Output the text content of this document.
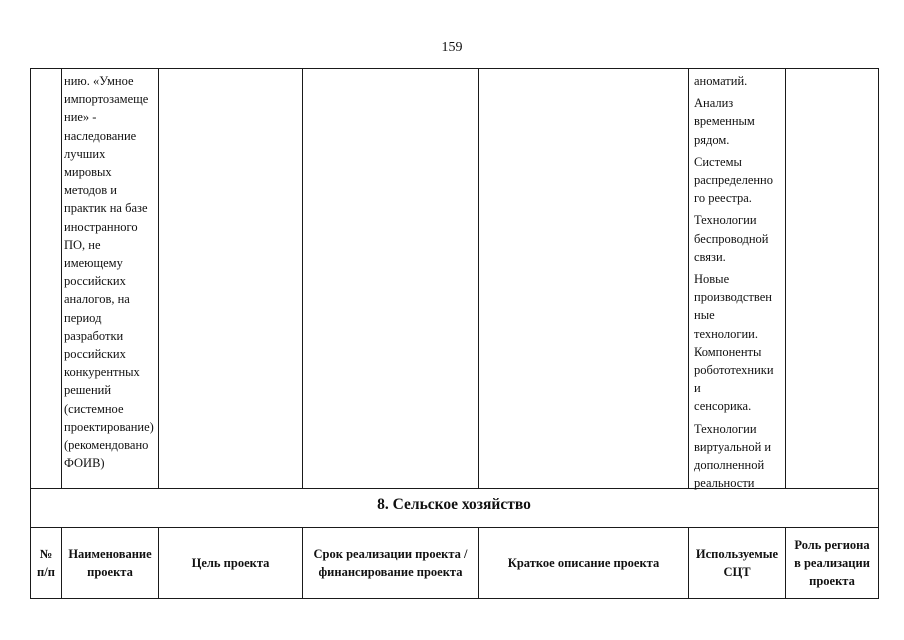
159
нию. «Умное
импортозамеще
ние» -
наследование
лучших
мировых
методов и
практик на базе
иностранного
ПО, не
имеющему
российских
аналогов, на
период
разработки
российских
конкурентных
решений
(системное
проектирование)
(рекомендовано
ФОИВ)

аноматий.

Анализ
временным
рядом.

Системы
распределенно
го реестра.

Технологии
беспроводной
связи.

Новые
производствен
ные
технологии.
Компоненты
робототехники и
сенсорика.

Технологии
виртуальной и
дополненной
реальности

8. Сельское хозяйство
№
п/п
Наименование
проекта
Цель проекта
Срок реализации проекта /
финансирование проекта
Краткое описание проекта
Используемые
СЦТ
Роль региона
в реализации
проекта
